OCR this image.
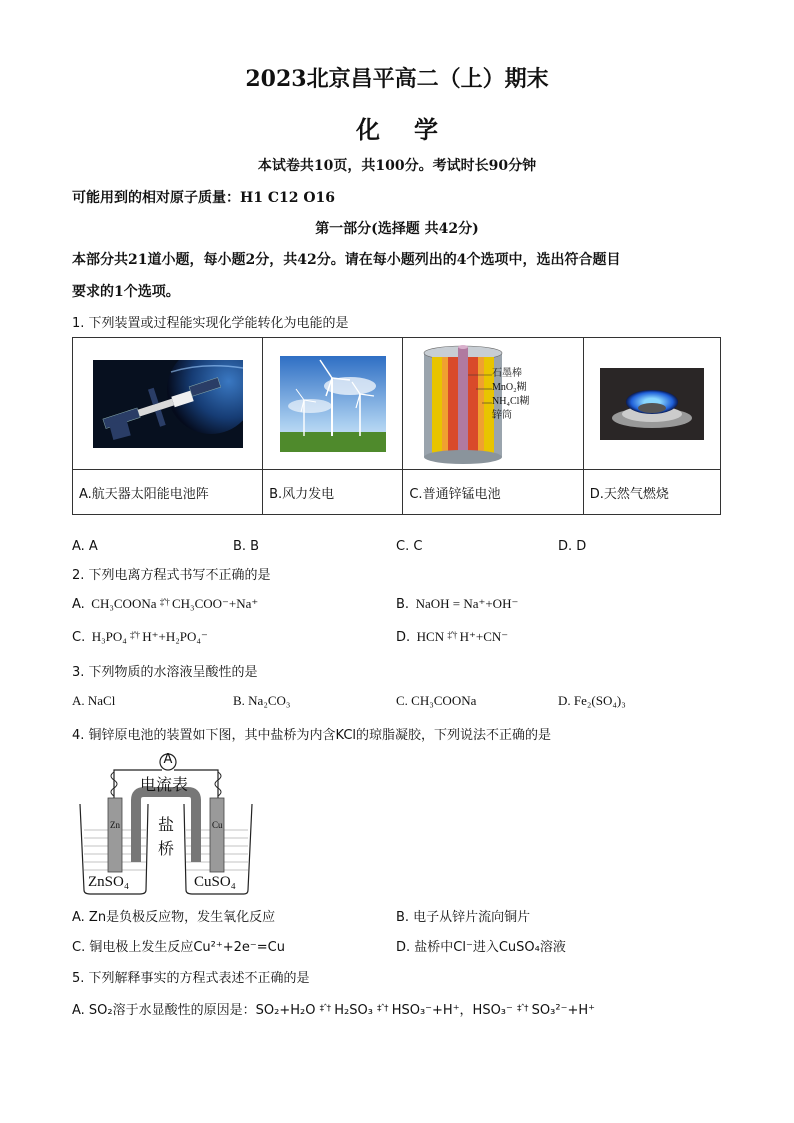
2023北京昌平高二（上）期末
化学
本试卷共10页，共100分。考试时长90分钟
可能用到的相对原子质量：H1 C12 O16
第一部分(选择题 共42分)
本部分共21道小题，每小题2分，共42分。请在每小题列出的4个选项中，选出符合题目
要求的1个选项。
1. 下列装置或过程能实现化学能转化为电能的是

石墨棒
MnO₂糊
NH₄Cl糊
锌筒

A.航天器太阳能电池阵	B.风力发电	C.普通锌锰电池	D.天然气燃烧
A. A	B. B	C. C	D. D
2. 下列电离方程式书写不正确的是
A. CH₃COONa $^{\ddagger ˆ\dagger}$ CH₃COO⁻+Na⁺	B. NaOH = Na⁺+OH⁻
C. H₃PO₄ $^{\ddagger ˆ\dagger}$ H⁺+H₂PO₄⁻	D. HCN $^{\ddagger ˆ\dagger}$ H⁺+CN⁻
3. 下列物质的水溶液呈酸性的是
A. NaCl	B. Na₂CO₃	C. CH₃COONa	D. Fe₂(SO₄)₃
4. 铜锌原电池的装置如下图，其中盐桥为内含KCl的琼脂凝胶，下列说法不正确的是
A
电流表
盐
桥
Zn	Cu
ZnSO₄	CuSO₄
A. Zn是负极反应物，发生氧化反应	B. 电子从锌片流向铜片
C. 铜电极上发生反应Cu²⁺+2e⁻=Cu	D. 盐桥中Cl⁻进入CuSO₄溶液
5. 下列解释事实的方程式表述不正确的是
A. SO₂溶于水显酸性的原因是：SO₂+H₂O $^{\ddagger ˆ\dagger}$ H₂SO₃ $^{\ddagger ˆ\dagger}$ HSO₃⁻+H⁺，HSO₃⁻ $^{\ddagger ˆ\dagger}$ SO₃²⁻+H⁺
